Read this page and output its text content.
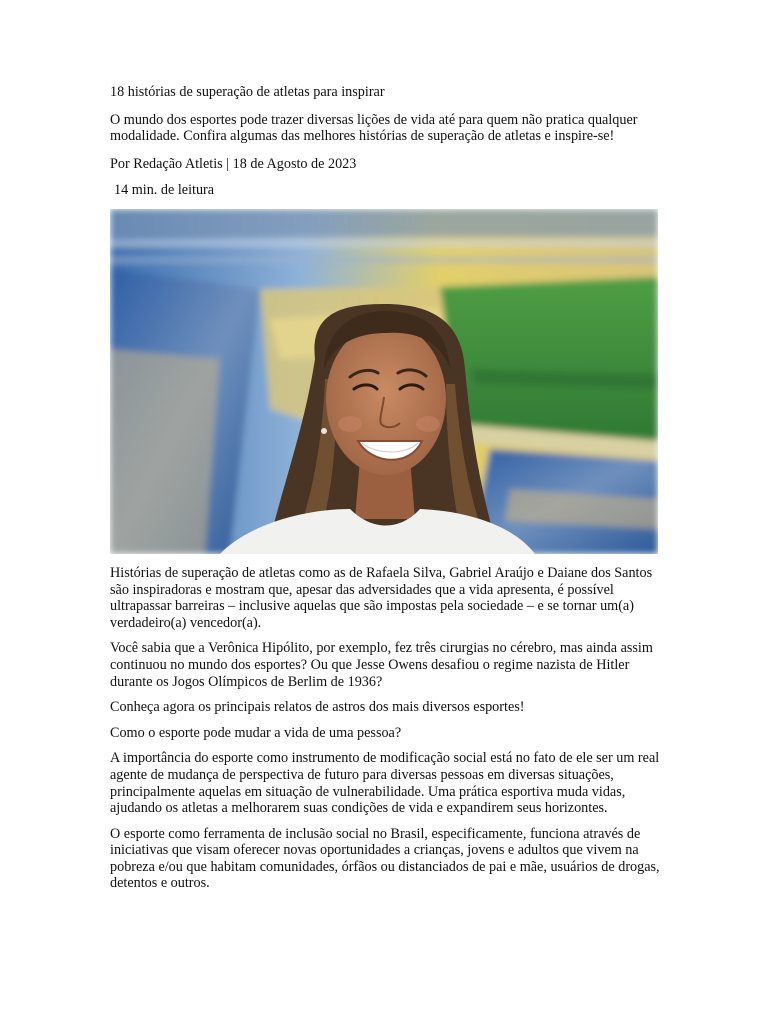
18 histórias de superação de atletas para inspirar

O mundo dos esportes pode trazer diversas lições de vida até para quem não pratica qualquer modalidade. Confira algumas das melhores histórias de superação de atletas e inspire-se!

Por Redação Atletis | 18 de Agosto de 2023

14 min. de leitura

Histórias de superação de atletas como as de Rafaela Silva, Gabriel Araújo e Daiane dos Santos são inspiradoras e mostram que, apesar das adversidades que a vida apresenta, é possível ultrapassar barreiras – inclusive aquelas que são impostas pela sociedade – e se tornar um(a) verdadeiro(a) vencedor(a).

Você sabia que a Verônica Hipólito, por exemplo, fez três cirurgias no cérebro, mas ainda assim continuou no mundo dos esportes? Ou que Jesse Owens desafiou o regime nazista de Hitler durante os Jogos Olímpicos de Berlim de 1936?

Conheça agora os principais relatos de astros dos mais diversos esportes!

Como o esporte pode mudar a vida de uma pessoa?

A importância do esporte como instrumento de modificação social está no fato de ele ser um real agente de mudança de perspectiva de futuro para diversas pessoas em diversas situações, principalmente aquelas em situação de vulnerabilidade. Uma prática esportiva muda vidas, ajudando os atletas a melhorarem suas condições de vida e expandirem seus horizontes.

O esporte como ferramenta de inclusão social no Brasil, especificamente, funciona através de iniciativas que visam oferecer novas oportunidades a crianças, jovens e adultos que vivem na pobreza e/ou que habitam comunidades, órfãos ou distanciados de pai e mãe, usuários de drogas, detentos e outros.
